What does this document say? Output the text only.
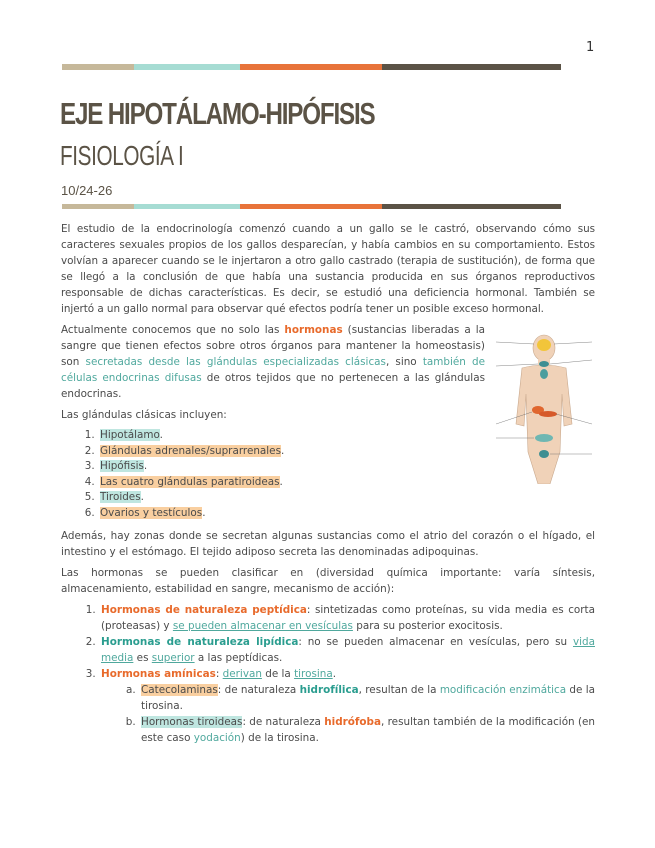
1
EJE HIPOTÁLAMO-HIPÓFISIS
FISIOLOGÍA I
10/24-26

El estudio de la endocrinología comenzó cuando a un gallo se le castró, observando cómo sus caracteres sexuales propios de los gallos desparecían, y había cambios en su comportamiento. Estos volvían a aparecer cuando se le injertaron a otro gallo castrado (terapia de sustitución), de forma que se llegó a la conclusión de que había una sustancia producida en sus órganos reproductivos responsable de dichas características. Es decir, se estudió una deficiencia hormonal. También se injertó a un gallo normal para observar qué efectos podría tener un posible exceso hormonal.

Actualmente conocemos que no solo las hormonas (sustancias liberadas a la sangre que tienen efectos sobre otros órganos para mantener la homeostasis) son secretadas desde las glándulas especializadas clásicas, sino también de células endocrinas difusas de otros tejidos que no pertenecen a las glándulas endocrinas.

Las glándulas clásicas incluyen:

1. Hipotálamo.
2. Glándulas adrenales/suprarrenales.
3. Hipófisis.
4. Las cuatro glándulas paratiroideas.
5. Tiroides.
6. Ovarios y testículos.

Además, hay zonas donde se secretan algunas sustancias como el atrio del corazón o el hígado, el intestino y el estómago. El tejido adiposo secreta las denominadas adipoquinas.

Las hormonas se pueden clasificar en (diversidad química importante: varía síntesis, almacenamiento, estabilidad en sangre, mecanismo de acción):

1. Hormonas de naturaleza peptídica: sintetizadas como proteínas, su vida media es corta (proteasas) y se pueden almacenar en vesículas para su posterior exocitosis.
2. Hormonas de naturaleza lipídica: no se pueden almacenar en vesículas, pero su vida media es superior a las peptídicas.
3. Hormonas amínicas: derivan de la tirosina.
a. Catecolaminas: de naturaleza hidrofílica, resultan de la modificación enzimática de la tirosina.
b. Hormonas tiroideas: de naturaleza hidrófoba, resultan también de la modificación (en este caso yodación) de la tirosina.
